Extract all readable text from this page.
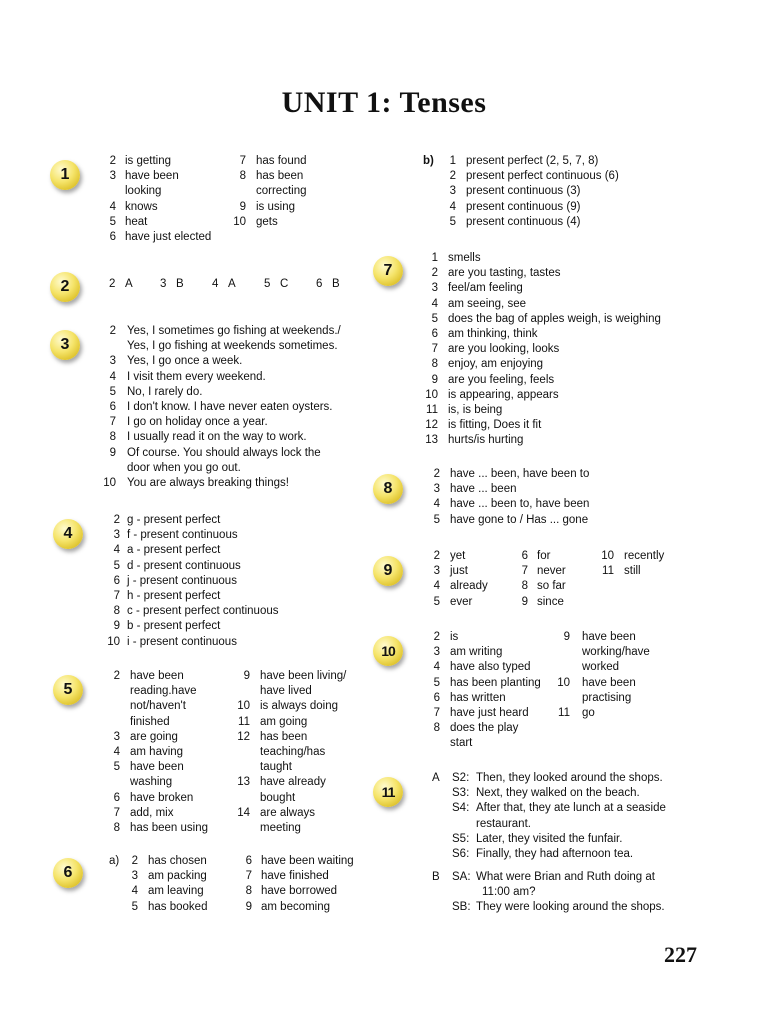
UNIT 1: Tenses
1
2
3
4
5
6
7
8
9
10
11
2 is getting
3 have been
looking
4 knows
5 heat
6 have just elected
7 has found
8 has been
correcting
9 is using
10 gets
b)	1 present perfect (2, 5, 7, 8)
2 present perfect continuous (6)
3 present continuous (3)
4 present continuous (9)
5 present continuous (4)
2 A 3 B 4 A 5 C 6 B
2 Yes, I sometimes go fishing at weekends./
Yes, I go fishing at weekends sometimes.
3 Yes, I go once a week.
4 I visit them every weekend.
5 No, I rarely do.
6 I don't know. I have never eaten oysters.
7 I go on holiday once a year.
8 I usually read it on the way to work.
9 Of course. You should always lock the
door when you go out.
10 You are always breaking things!
2 g - present perfect
3 f - present continuous
4 a - present perfect
5 d - present continuous
6 j - present continuous
7 h - present perfect
8 c - present perfect continuous
9 b - present perfect
10 i - present continuous
2 have been
reading.have
not/haven't
finished
3 are going
4 am having
5 have been
washing
6 have broken
7 add, mix
8 has been using
9 have been living/
have lived
10 is always doing
11 am going
12 has been
teaching/has
taught
13 have already
bought
14 are always
meeting
a)	2 has chosen
3 am packing
4 am leaving
5 has booked
6 have been waiting
7 have finished
8 have borrowed
9 am becoming
1 smells
2 are you tasting, tastes
3 feel/am feeling
4 am seeing, see
5 does the bag of apples weigh, is weighing
6 am thinking, think
7 are you looking, looks
8 enjoy, am enjoying
9 are you feeling, feels
10 is appearing, appears
11 is, is being
12 is fitting, Does it fit
13 hurts/is hurting
2 have ... been, have been to
3 have ... been
4 have ... been to, have been
5 have gone to / Has ... gone
2 yet
3 just
4 already
5 ever
6 for
7 never
8 so far
9 since
10 recently
11 still
2 is
3 am writing
4 have also typed
5 has been planting
6 has written
7 have just heard
8 does the play
start
9 have been
working/have
worked
10 have been
practising
11 go
A S2: Then, they looked around the shops.
S3: Next, they walked on the beach.
S4: After that, they ate lunch at a seaside
restaurant.
S5: Later, they visited the funfair.
S6: Finally, they had afternoon tea.
B SA: What were Brian and Ruth doing at
11:00 am?
SB: They were looking around the shops.
227
